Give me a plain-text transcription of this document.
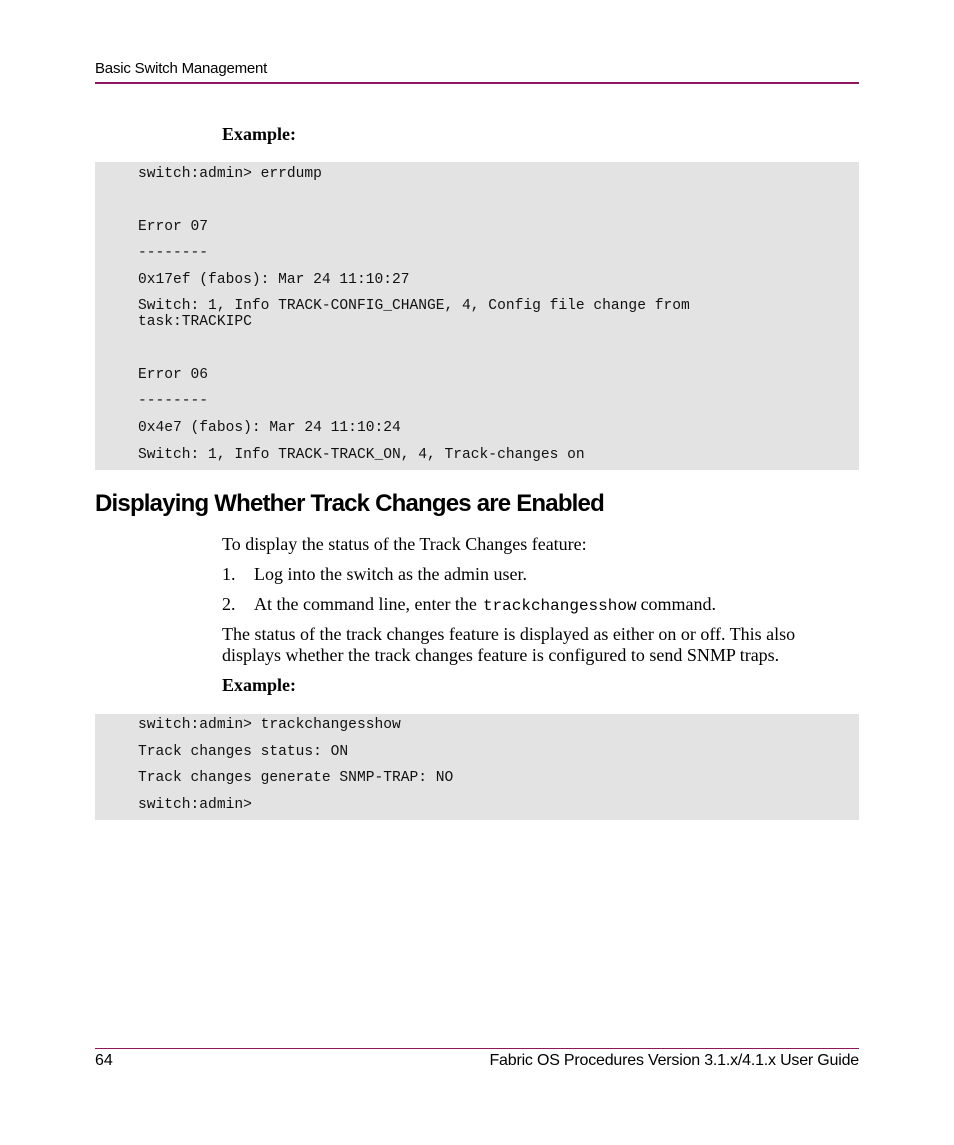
Basic Switch Management
Example:
switch:admin> errdump
Error 07
--------
0x17ef (fabos): Mar 24 11:10:27
Switch: 1, Info TRACK-CONFIG_CHANGE, 4, Config file change from
task:TRACKIPC
Error 06
--------
0x4e7 (fabos): Mar 24 11:10:24
Switch: 1, Info TRACK-TRACK_ON, 4, Track-changes on
Displaying Whether Track Changes are Enabled
To display the status of the Track Changes feature:
1. Log into the switch as the admin user.
2. At the command line, enter the trackchangesshow command.
The status of the track changes feature is displayed as either on or off. This also displays whether the track changes feature is configured to send SNMP traps.
Example:
switch:admin> trackchangesshow
Track changes status: ON
Track changes generate SNMP-TRAP: NO
switch:admin>
64	Fabric OS Procedures Version 3.1.x/4.1.x User Guide
